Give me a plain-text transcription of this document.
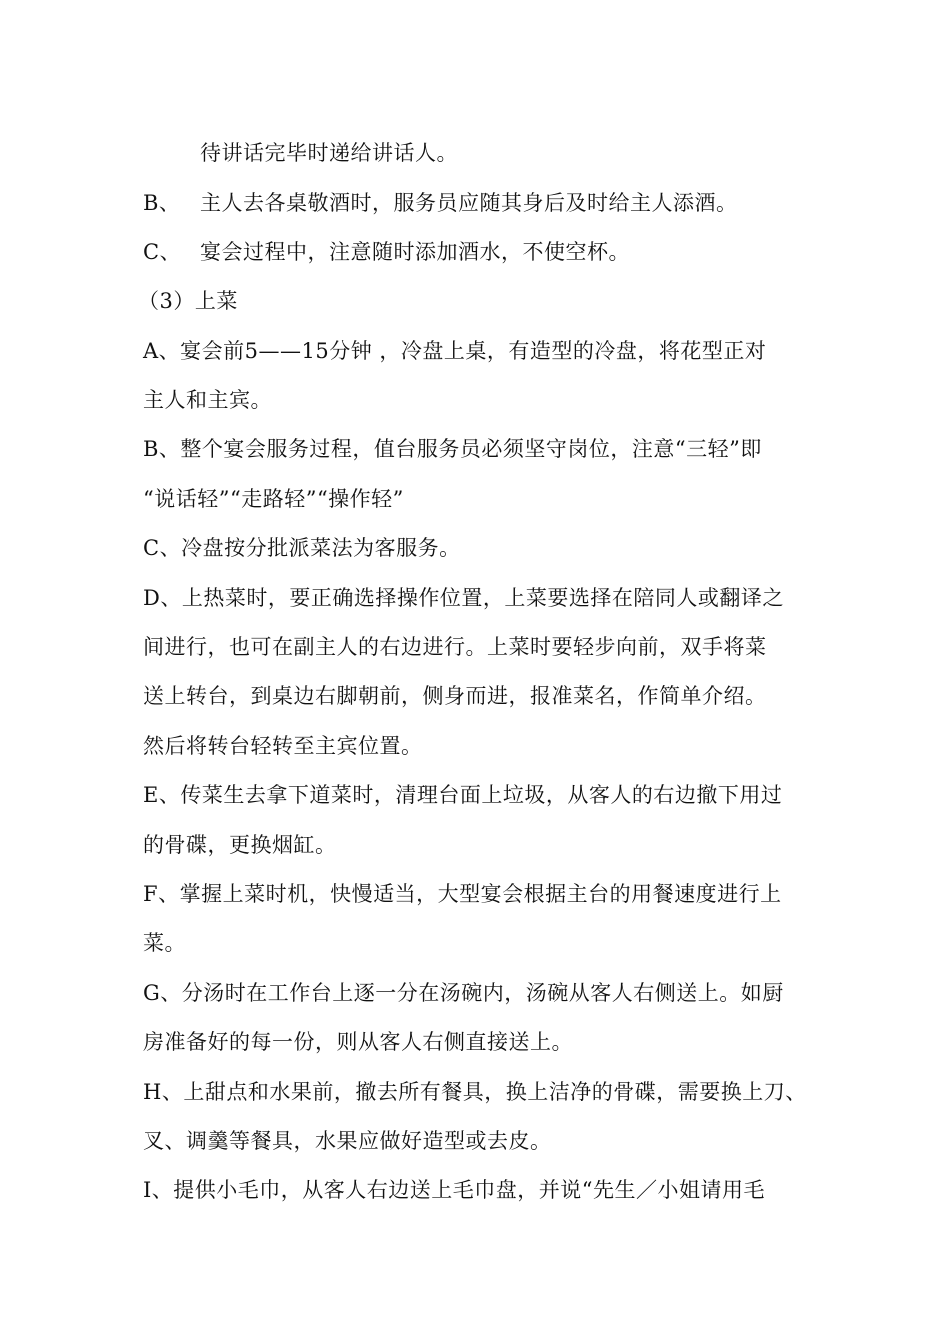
待讲话完毕时递给讲话人。
B、 主人去各桌敬酒时，服务员应随其身后及时给主人添酒。
C、 宴会过程中，注意随时添加酒水，不使空杯。
（3）上菜
A、宴会前5——15分钟 ，冷盘上桌，有造型的冷盘，将花型正对
主人和主宾。
B、整个宴会服务过程，值台服务员必须坚守岗位，注意“三轻”即
“说话轻”“走路轻”“操作轻”
C、冷盘按分批派菜法为客服务。
D、上热菜时，要正确选择操作位置，上菜要选择在陪同人或翻译之
间进行，也可在副主人的右边进行。上菜时要轻步向前，双手将菜
送上转台，到桌边右脚朝前，侧身而进，报准菜名，作简单介绍。
然后将转台轻转至主宾位置。
E、传菜生去拿下道菜时，清理台面上垃圾，从客人的右边撤下用过
的骨碟，更换烟缸。
F、掌握上菜时机，快慢适当，大型宴会根据主台的用餐速度进行上
菜。
G、分汤时在工作台上逐一分在汤碗内，汤碗从客人右侧送上。如厨
房准备好的每一份，则从客人右侧直接送上。
H、上甜点和水果前，撤去所有餐具，换上洁净的骨碟，需要换上刀、
叉、调羹等餐具，水果应做好造型或去皮。
I、提供小毛巾，从客人右边送上毛巾盘，并说“先生／小姐请用毛
